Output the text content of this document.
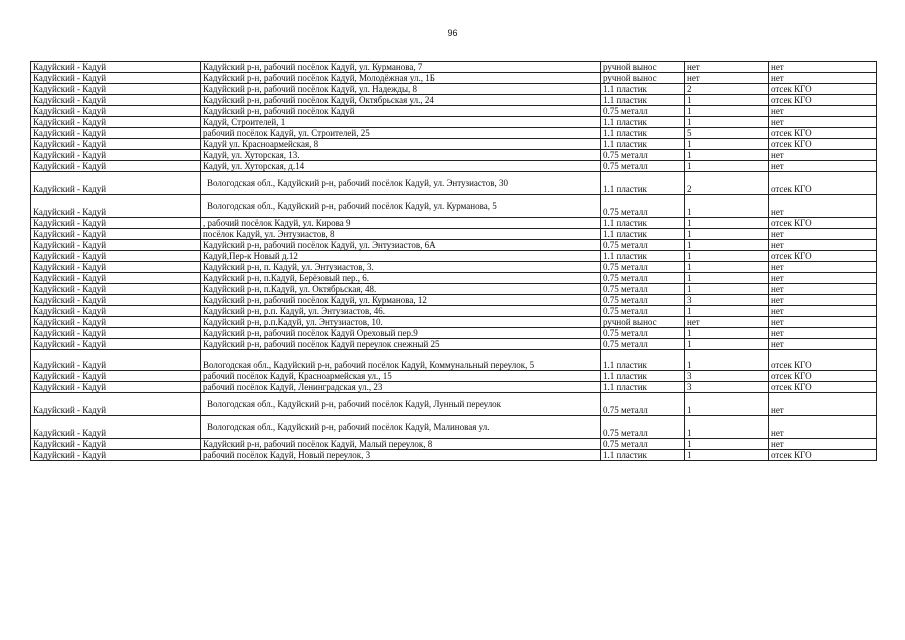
96
Кадуйский - Кадуй	Кадуйский р-н, рабочий посёлок Кадуй, ул. Курманова, 7	ручной вынос	нет	нет
Кадуйский - Кадуй	Кадуйский р-н, рабочий посёлок Кадуй, Молодёжная ул., 1Б	ручной вынос	нет	нет
Кадуйский - Кадуй	Кадуйский р-н, рабочий посёлок Кадуй, ул. Надежды, 8	1.1 пластик	2	отсек КГО
Кадуйский - Кадуй	Кадуйский р-н, рабочий посёлок Кадуй, Октябрьская ул., 24	1.1 пластик	1	отсек КГО
Кадуйский - Кадуй	Кадуйский р-н, рабочий посёлок Кадуй	0.75 металл	1	нет
Кадуйский - Кадуй	Кадуй, Строителей, 1	1.1 пластик	1	нет
Кадуйский - Кадуй	рабочий посёлок Кадуй, ул. Строителей, 25	1.1 пластик	5	отсек КГО
Кадуйский - Кадуй	Кадуй ул. Красноармейская, 8	1.1 пластик	1	отсек КГО
Кадуйский - Кадуй	Кадуй, ул. Хуторская, 13.	0.75 металл	1	нет
Кадуйский - Кадуй	Кадуй, ул. Хуторская, д.14	0.75 металл	1	нет
Кадуйский - Кадуй	Вологодская обл., Кадуйский р-н, рабочий посёлок Кадуй, ул. Энтузиастов, 30	1.1 пластик	2	отсек КГО
Кадуйский - Кадуй	Вологодская обл., Кадуйский р-н, рабочий посёлок Кадуй, ул. Курманова, 5	0.75 металл	1	нет
Кадуйский - Кадуй	, рабочий посёлок Кадуй, ул. Кирова 9	1.1 пластик	1	отсек КГО
Кадуйский - Кадуй	посёлок Кадуй, ул. Энтузиастов, 8	1.1 пластик	1	нет
Кадуйский - Кадуй	Кадуйский р-н, рабочий посёлок Кадуй, ул. Энтузиастов, 6А	0.75 металл	1	нет
Кадуйский - Кадуй	Кадуй,Пер-к Новый д.12	1.1 пластик	1	отсек КГО
Кадуйский - Кадуй	Кадуйский р-н, п. Кадуй, ул. Энтузиастов, 3.	0.75 металл	1	нет
Кадуйский - Кадуй	Кадуйский р-н, п.Кадуй, Берёзовый пер., 6.	0.75 металл	1	нет
Кадуйский - Кадуй	Кадуйский р-н, п.Кадуй, ул. Октябрьская, 48.	0.75 металл	1	нет
Кадуйский - Кадуй	Кадуйский р-н, рабочий посёлок Кадуй, ул. Курманова, 12	0.75 металл	3	нет
Кадуйский - Кадуй	Кадуйский р-н, р.п. Кадуй, ул. Энтузиастов, 46.	0.75 металл	1	нет
Кадуйский - Кадуй	Кадуйский р-н, р.п.Кадуй, ул. Энтузиастов, 10.	ручной вынос	нет	нет
Кадуйский - Кадуй	Кадуйский р-н, рабочий посёлок Кадуй Ореховый пер.9	0.75 металл	1	нет
Кадуйский - Кадуй	Кадуйский р-н, рабочий посёлок Кадуй переулок снежный 25	0.75 металл	1	нет
Кадуйский - Кадуй	Вологодская обл., Кадуйский р-н, рабочий посёлок Кадуй, Коммунальный переулок, 5	1.1 пластик	1	отсек КГО
Кадуйский - Кадуй	рабочий посёлок Кадуй, Красноармейская ул., 15	1.1 пластик	3	отсек КГО
Кадуйский - Кадуй	рабочий посёлок Кадуй, Ленинградская ул., 23	1.1 пластик	3	отсек КГО
Кадуйский - Кадуй	Вологодская обл., Кадуйский р-н, рабочий посёлок Кадуй, Лунный переулок	0.75 металл	1	нет
Кадуйский - Кадуй	Вологодская обл., Кадуйский р-н, рабочий посёлок Кадуй, Малиновая ул.	0.75 металл	1	нет
Кадуйский - Кадуй	Кадуйский р-н, рабочий посёлок Кадуй, Малый переулок, 8	0.75 металл	1	нет
Кадуйский - Кадуй	рабочий посёлок Кадуй, Новый переулок, 3	1.1 пластик	1	отсек КГО
